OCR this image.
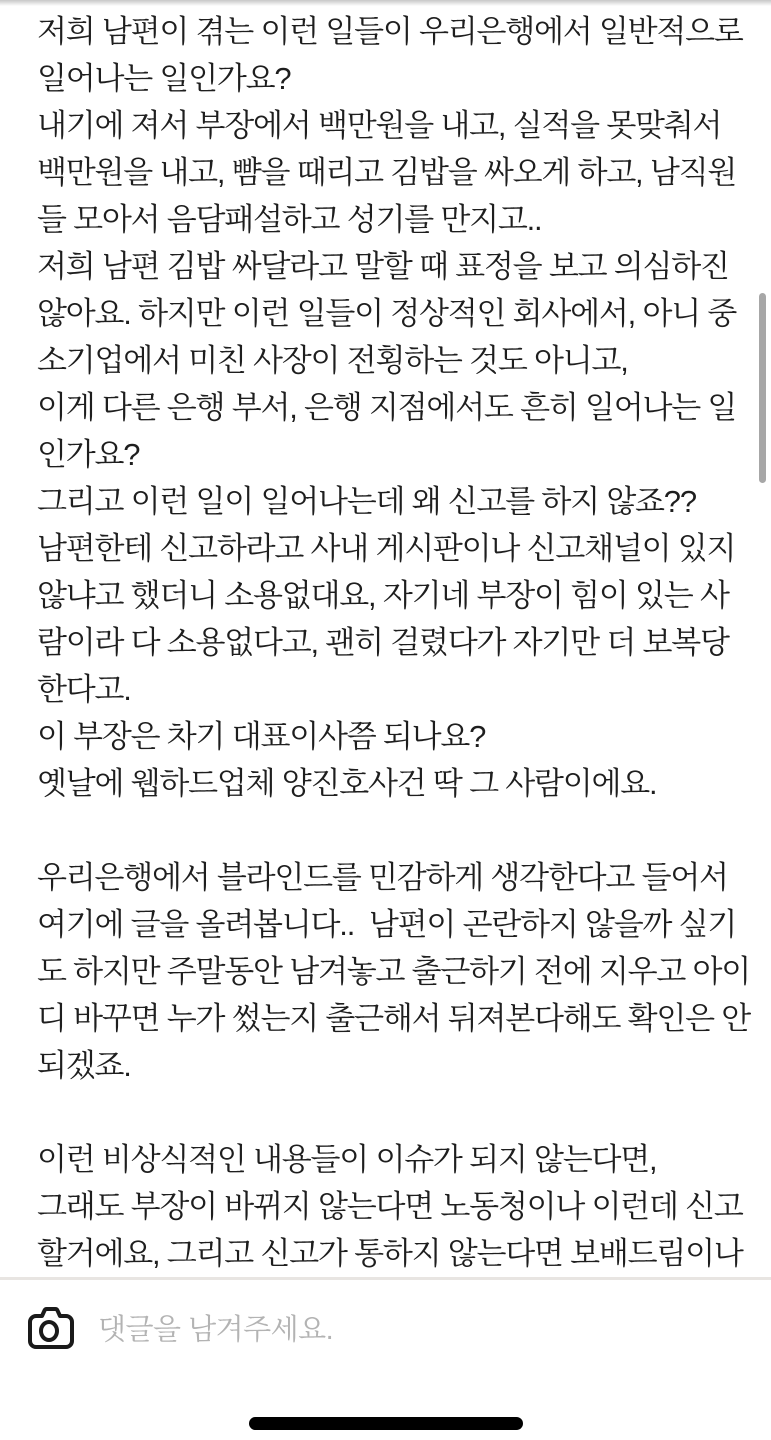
저희 남편이 겪는 이런 일들이 우리은행에서 일반적으로
일어나는 일인가요?
내기에 져서 부장에서 백만원을 내고, 실적을 못맞춰서
백만원을 내고, 뺨을 때리고 김밥을 싸오게 하고, 남직원
들 모아서 음담패설하고 성기를 만지고..
저희 남편 김밥 싸달라고 말할 때 표정을 보고 의심하진
않아요. 하지만 이런 일들이 정상적인 회사에서, 아니 중
소기업에서 미친 사장이 전횡하는 것도 아니고,
이게 다른 은행 부서, 은행 지점에서도 흔히 일어나는 일
인가요?
그리고 이런 일이 일어나는데 왜 신고를 하지 않죠??
남편한테 신고하라고 사내 게시판이나 신고채널이 있지
않냐고 했더니 소용없대요, 자기네 부장이 힘이 있는 사
람이라 다 소용없다고, 괜히 걸렸다가 자기만 더 보복당
한다고.
이 부장은 차기 대표이사쯤 되나요?
옛날에 웹하드업체 양진호사건 딱 그 사람이에요.
우리은행에서 블라인드를 민감하게 생각한다고 들어서
여기에 글을 올려봅니다..  남편이 곤란하지 않을까 싶기
도 하지만 주말동안 남겨놓고 출근하기 전에 지우고 아이
디 바꾸면 누가 썼는지 출근해서 뒤져본다해도 확인은 안
되겠죠.
이런 비상식적인 내용들이 이슈가 되지 않는다면,
그래도 부장이 바뀌지 않는다면 노동청이나 이런데 신고
할거에요, 그리고 신고가 통하지 않는다면 보배드림이나
댓글을 남겨주세요.
